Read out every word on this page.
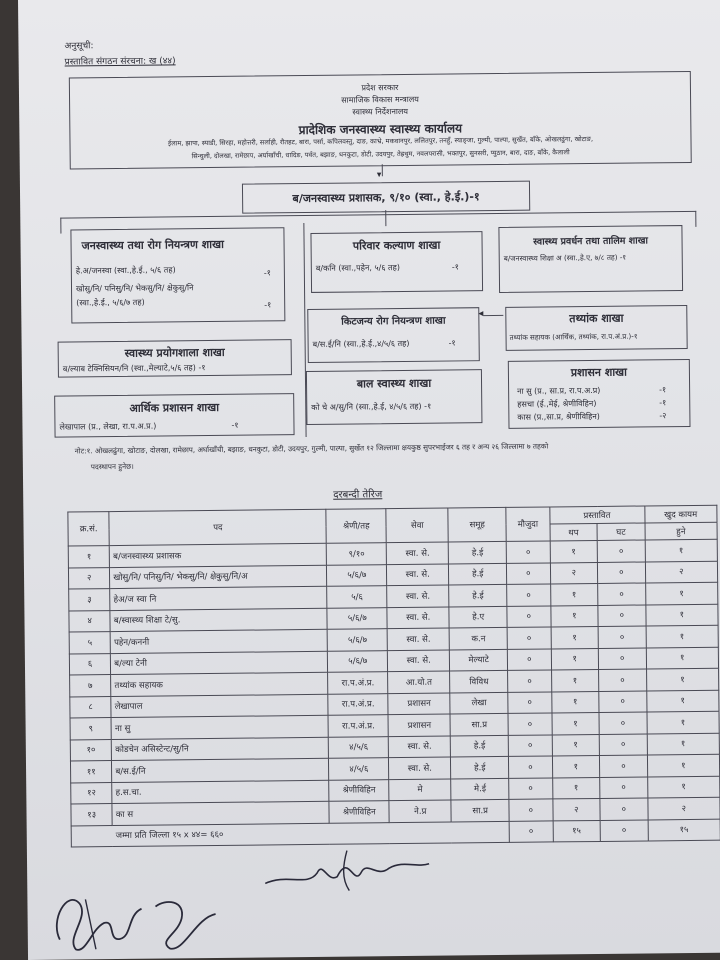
अनुसूची:
प्रस्तावित संगठन संरचना: ख (४४)
प्रदेश सरकार
सामाजिक विकास मन्त्रालय
स्वास्थ्य निर्देशनालय
प्रादेशिक जनस्वास्थ्य स्वास्थ्य कार्यालय
ईलाम, झापा, स्याडी, सिरहा, महोत्तरी, सर्लाही, रौतहट, बारा, पर्सा, कपिलवस्तु, दाङ, काभ्रे, मकवानपुर, ललितपुर, तनहुँ, स्याङ्जा, गुल्मी, पाल्पा, सुर्खेत, बाँके, ओखलढुंगा, खोटाङ,
सिन्धुली, दोलखा, रामेछाप, अर्घाखाँची, धादिङ, पर्वत, बझाङ, धनकुटा, डोटी, उदयपुर, तेह्रथुम, नवलपरासी, भक्तपुर, सुनसरी, प्युठान, बारा, दाङ, बाँके, कैलाली
▾
ब/जनस्वास्थ्य प्रशासक, ९/१० (स्वा., हे.ई.)-१
जनस्वास्थ्य तथा रोग नियन्त्रण शाखा
हे.अ/जनस्वा (स्वा.,हे.ई., ५/६ तह)	-१
खोसु/नि/ पनिसु/नि/ भेकसु/नि/ क्षेकुसु/नि
(स्वा.,हे.ई., ५/६/७ तह)	-१
स्वास्थ्य प्रयोगशाला शाखा
ब/ल्याब टेक्निसियन/नि (स्वा.,मेल्याटे,५/६ तह) -१
आर्थिक प्रशासन शाखा
लेखापाल (प्र., लेखा, रा.प.अ.प्र.)	-१
परिवार कल्याण शाखा
ब/कनि (स्वा.,पहेन, ५/६ तह)	-१
किटजन्य रोग नियन्त्रण शाखा
ब/स.ई/नि (स्वा.,हे.ई.,४/५/६ तह)	-१
◂
बाल स्वास्थ्य शाखा
को चे अ/सु/नि (स्वा.,हे.ई, ४/५/६ तह) -१
स्वास्थ्य प्रवर्धन तथा तालिम शाखा
ब/जनस्वास्थ्य शिक्षा अ (स्वा.,हे.ए, ७/८ तह) -१
तथ्यांक शाखा
तथ्यांक सहायक (आर्थिक, तथ्यांक, रा.प.अं.प्र.)-१
प्रशासन शाखा
ना सु (प्र., सा.प्र, रा.प.अ.प्र)	-१
हसचा (ई.,मेई, श्रेणीविहिन)	-१
कास (प्र.,सा.प्र, श्रेणीविहिन)	-२
नोट:१. ओखलढुंगा, खोटाङ, दोलखा, रामेछाप, अर्घाखाँची, बझाङ, धनकुटा, डोटी, उदयपुर, गुल्मी, पाल्पा, सुर्खेत १२ जिल्लामा क्षयकुष्ठ सुपरभाईजर ६ तह र अन्य २६ जिल्लामा ७ तहको
पदस्थापन हुनेछ।
दरबन्दी तेरिज
क्र.सं.	पद	श्रेणी/तह	सेवा	समूह	मौजुदा	प्रस्तावित		खुद कायम
						थप	घट	हुने
१	ब/जनस्वास्थ्य प्रशासक	९/१०	स्वा. से.	हे.ई	०	१	०	१
२	खोसु/नि/ पनिसु/नि/ भेकसु/नि/ क्षेकुसु/नि/अ	५/६/७	स्वा. से.	हे.ई	०	२	०	२
३	हेअ/ज स्वा नि	५/६	स्वा. से.	हे.ई	०	१	०	१
४	ब/स्वास्थ्य शिक्षा टे/सु.	५/६/७	स्वा. से.	हे.ए	०	१	०	१
५	पहेन/कननी	५/६/७	स्वा. से.	क.न	०	१	०	१
६	ब/ल्या टेनी	५/६/७	स्वा. से.	मेल्याटे	०	१	०	१
७	तथ्यांक सहायक	रा.प.अं.प्र.	आ.यो.त	विविध	०	१	०	१
८	लेखापाल	रा.प.अं.प्र.	प्रशासन	लेखा	०	१	०	१
९	ना सु	रा.प.अं.प्र.	प्रशासन	सा.प्र	०	१	०	१
१०	कोडचेन असिस्टेन्ट/सु/नि	४/५/६	स्वा. से.	हे.ई	०	१	०	१
११	ब/स.ई/नि	४/५/६	स्वा. से.	हे.ई	०	१	०	१
१२	ह.स.चा.	श्रेणीविहिन	मे	मे.ई	०	१	०	१
१३	का स	श्रेणीविहिन	ने.प्र	सा.प्र	०	२	०	२
जम्मा प्रति जिल्ला १५ x ४४= ६६०					०	१५	०	१५
